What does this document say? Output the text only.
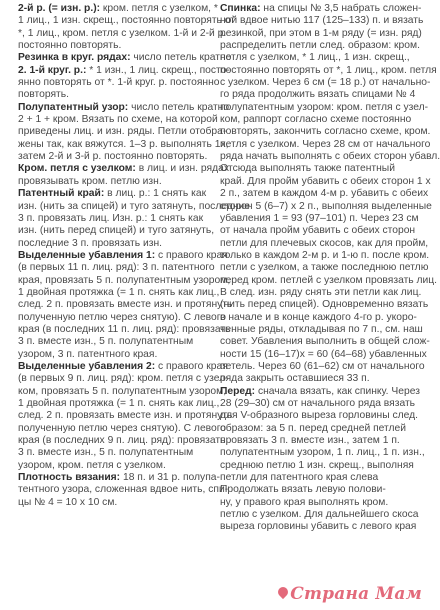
2-й р. (= изн. р.): кром. петля с узелком, *
1 лиц., 1 изн. скрещ., постоянно повторять от
*, 1 лиц., кром. петля с узелком. 1-й и 2-й р.
постоянно повторять.
Резинка в круг. рядах: число петель кратно
2. 1-й круг. р.: * 1 изн., 1 лиц. скрещ., посто-
янно повторять от *. 1-й круг. р. постоянно
повторять.
Полупатентный узор: число петель кратно
2 + 1 + кром. Вязать по схеме, на которой
приведены лиц. и изн. ряды. Петли отобра-
жены так, как вяжутся. 1–3 р. выполнять 1х,
затем 2-й и 3-й р. постоянно повторять.
Кром. петля с узелком: в лиц. и изн. рядах
провязывать кром. петлю изн.
Патентный край: в лиц. р.: 1 снять как
изн. (нить за спицей) и туго затянуть, последние
3 п. провязать лиц. Изн. р.: 1 снять как
изн. (нить перед спицей) и туго затянуть,
последние 3 п. провязать изн.
Выделенные убавления 1: с правого края
(в первых 11 п. лиц. ряд): 3 п. патентного
края, провязать 5 п. полупатентным узором,
1 двойная протяжка (= 1 п. снять как лиц.,
след. 2 п. провязать вместе изн. и протянуть
полученную петлю через снятую). С левого
края (в последних 11 п. лиц. ряд): провязать
3 п. вместе изн., 5 п. полупатентным
узором, 3 п. патентного края.
Выделенные убавления 2: с правого края
(в первых 9 п. лиц. ряд): кром. петля с узел-
ком, провязать 5 п. полупатентным узором,
1 двойная протяжка (= 1 п. снять как лиц.,
след. 2 п. провязать вместе изн. и протянуть
полученную петлю через снятую). С левого
края (в последних 9 п. лиц. ряд): провязать
3 п. вместе изн., 5 п. полупатентным
узором, кром. петля с узелком.
Плотность вязания: 18 п. и 31 р. полупа-
тентного узора, сложенная вдвое нить, спи-
цы № 4 = 10 х 10 см.
Спинка: на спицы № 3,5 набрать сложен-
ной вдвое нитью 117 (125–133) п. и вязать
резинкой, при этом в 1-м ряду (= изн. ряд)
распределить петли след. образом: кром.
петля с узелком, * 1 лиц., 1 изн. скрещ.,
постоянно повторять от *, 1 лиц., кром. петля
с узелком. Через 6 см (= 18 р.) от начально-
го ряда продолжить вязать спицами № 4
полупатентным узором: кром. петля с узел-
ком, раппорт согласно схеме постоянно
повторять, закончить согласно схеме, кром.
петля с узелком. Через 28 см от начального
ряда начать выполнять с обеих сторон убавл.
Отсюда выполнять также патентный
край. Для пройм убавить с обеих сторон 1 х
2 п., затем в каждом 4-м р. убавить с обеих
сторон 5 (6–7) х 2 п., выполняя выделенные
убавления 1 = 93 (97–101) п. Через 23 см
от начала пройм убавить с обеих сторон
петли для плечевых скосов, как для пройм,
только в каждом 2-м р. и 1-ю п. после кром.
петли с узелком, а также последнюю петлю
перед кром. петлей с узелком провязать лиц.
В след. изн. ряду снять эти петли как лиц.
(нить перед спицей). Одновременно вязать
в начале и в конце каждого 4-го р. укоро-
ченные ряды, откладывая по 7 п., см. наш
совет. Убавления выполнить в общей слож-
ности 15 (16–17)х = 60 (64–68) убавленных
петель. Через 60 (61–62) см от начального
ряда закрыть оставшиеся 33 п.
Перед: сначала вязать, как спинку. Через
28 (29–30) см от начального ряда вязать
для V-образного выреза горловины след.
образом: за 5 п. перед средней петлей
провязать 3 п. вместе изн., затем 1 п.
полупатентным узором, 1 п. лиц., 1 п. изн.,
среднюю петлю 1 изн. скрещ., выполняя
петли для патентного края слева
Продолжать вязать левую полови-
ну, у правого края выполнять кром.
петлю с узелком. Для дальнейшего скоса
выреза горловины убавить с левого края
Страна Мам
